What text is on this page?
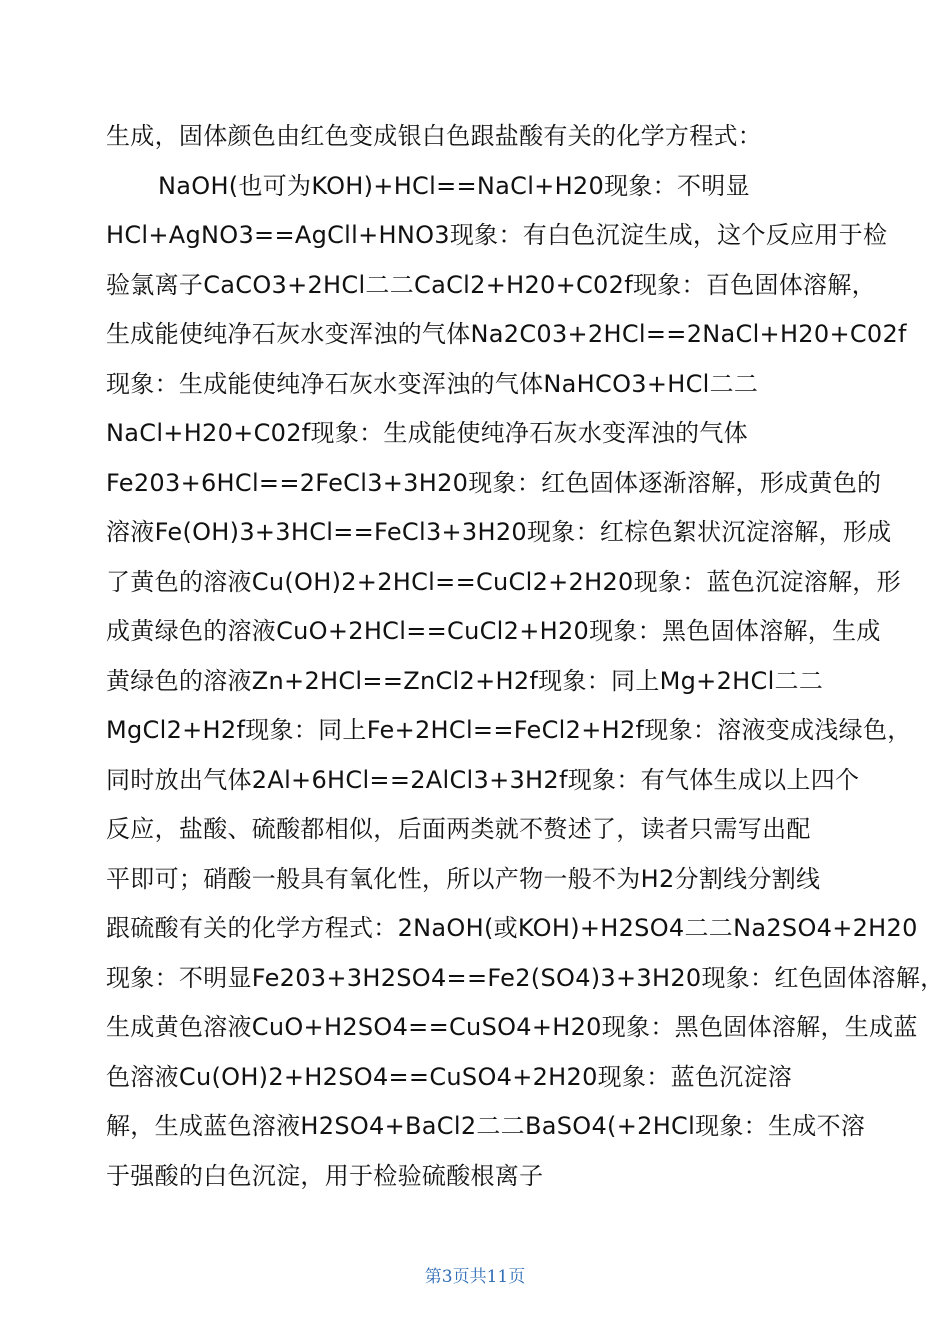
生成，固体颜色由红色变成银白色跟盐酸有关的化学方程式：
NaOH(也可为KOH)+HCl==NaCl+H20现象：不明显
HCl+AgNO3==AgCll+HNO3现象：有白色沉淀生成，这个反应用于检
验氯离子CaCO3+2HCl二二CaCl2+H20+C02f现象：百色固体溶解，
生成能使纯净石灰水变浑浊的气体Na2C03+2HCl==2NaCl+H20+C02f
现象：生成能使纯净石灰水变浑浊的气体NaHCO3+HCl二二
NaCl+H20+C02f现象：生成能使纯净石灰水变浑浊的气体
Fe203+6HCl==2FeCl3+3H20现象：红色固体逐渐溶解，形成黄色的
溶液Fe(OH)3+3HCl==FeCl3+3H20现象：红棕色絮状沉淀溶解，形成
了黄色的溶液Cu(OH)2+2HCl==CuCl2+2H20现象：蓝色沉淀溶解，形
成黄绿色的溶液CuO+2HCl==CuCl2+H20现象：黑色固体溶解，生成
黄绿色的溶液Zn+2HCl==ZnCl2+H2f现象：同上Mg+2HCl二二
MgCl2+H2f现象：同上Fe+2HCl==FeCl2+H2f现象：溶液变成浅绿色，
同时放出气体2Al+6HCl==2AlCl3+3H2f现象：有气体生成以上四个
反应，盐酸、硫酸都相似，后面两类就不赘述了，读者只需写出配
平即可；硝酸一般具有氧化性，所以产物一般不为H2分割线分割线
跟硫酸有关的化学方程式：2NaOH(或KOH)+H2SO4二二Na2SO4+2H20
现象：不明显Fe203+3H2SO4==Fe2(SO4)3+3H20现象：红色固体溶解，
生成黄色溶液CuO+H2SO4==CuSO4+H20现象：黑色固体溶解，生成蓝
色溶液Cu(OH)2+H2SO4==CuSO4+2H20现象：蓝色沉淀溶
解，生成蓝色溶液H2SO4+BaCl2二二BaSO4(+2HCl现象：生成不溶
于强酸的白色沉淀，用于检验硫酸根离子
第3页共11页
